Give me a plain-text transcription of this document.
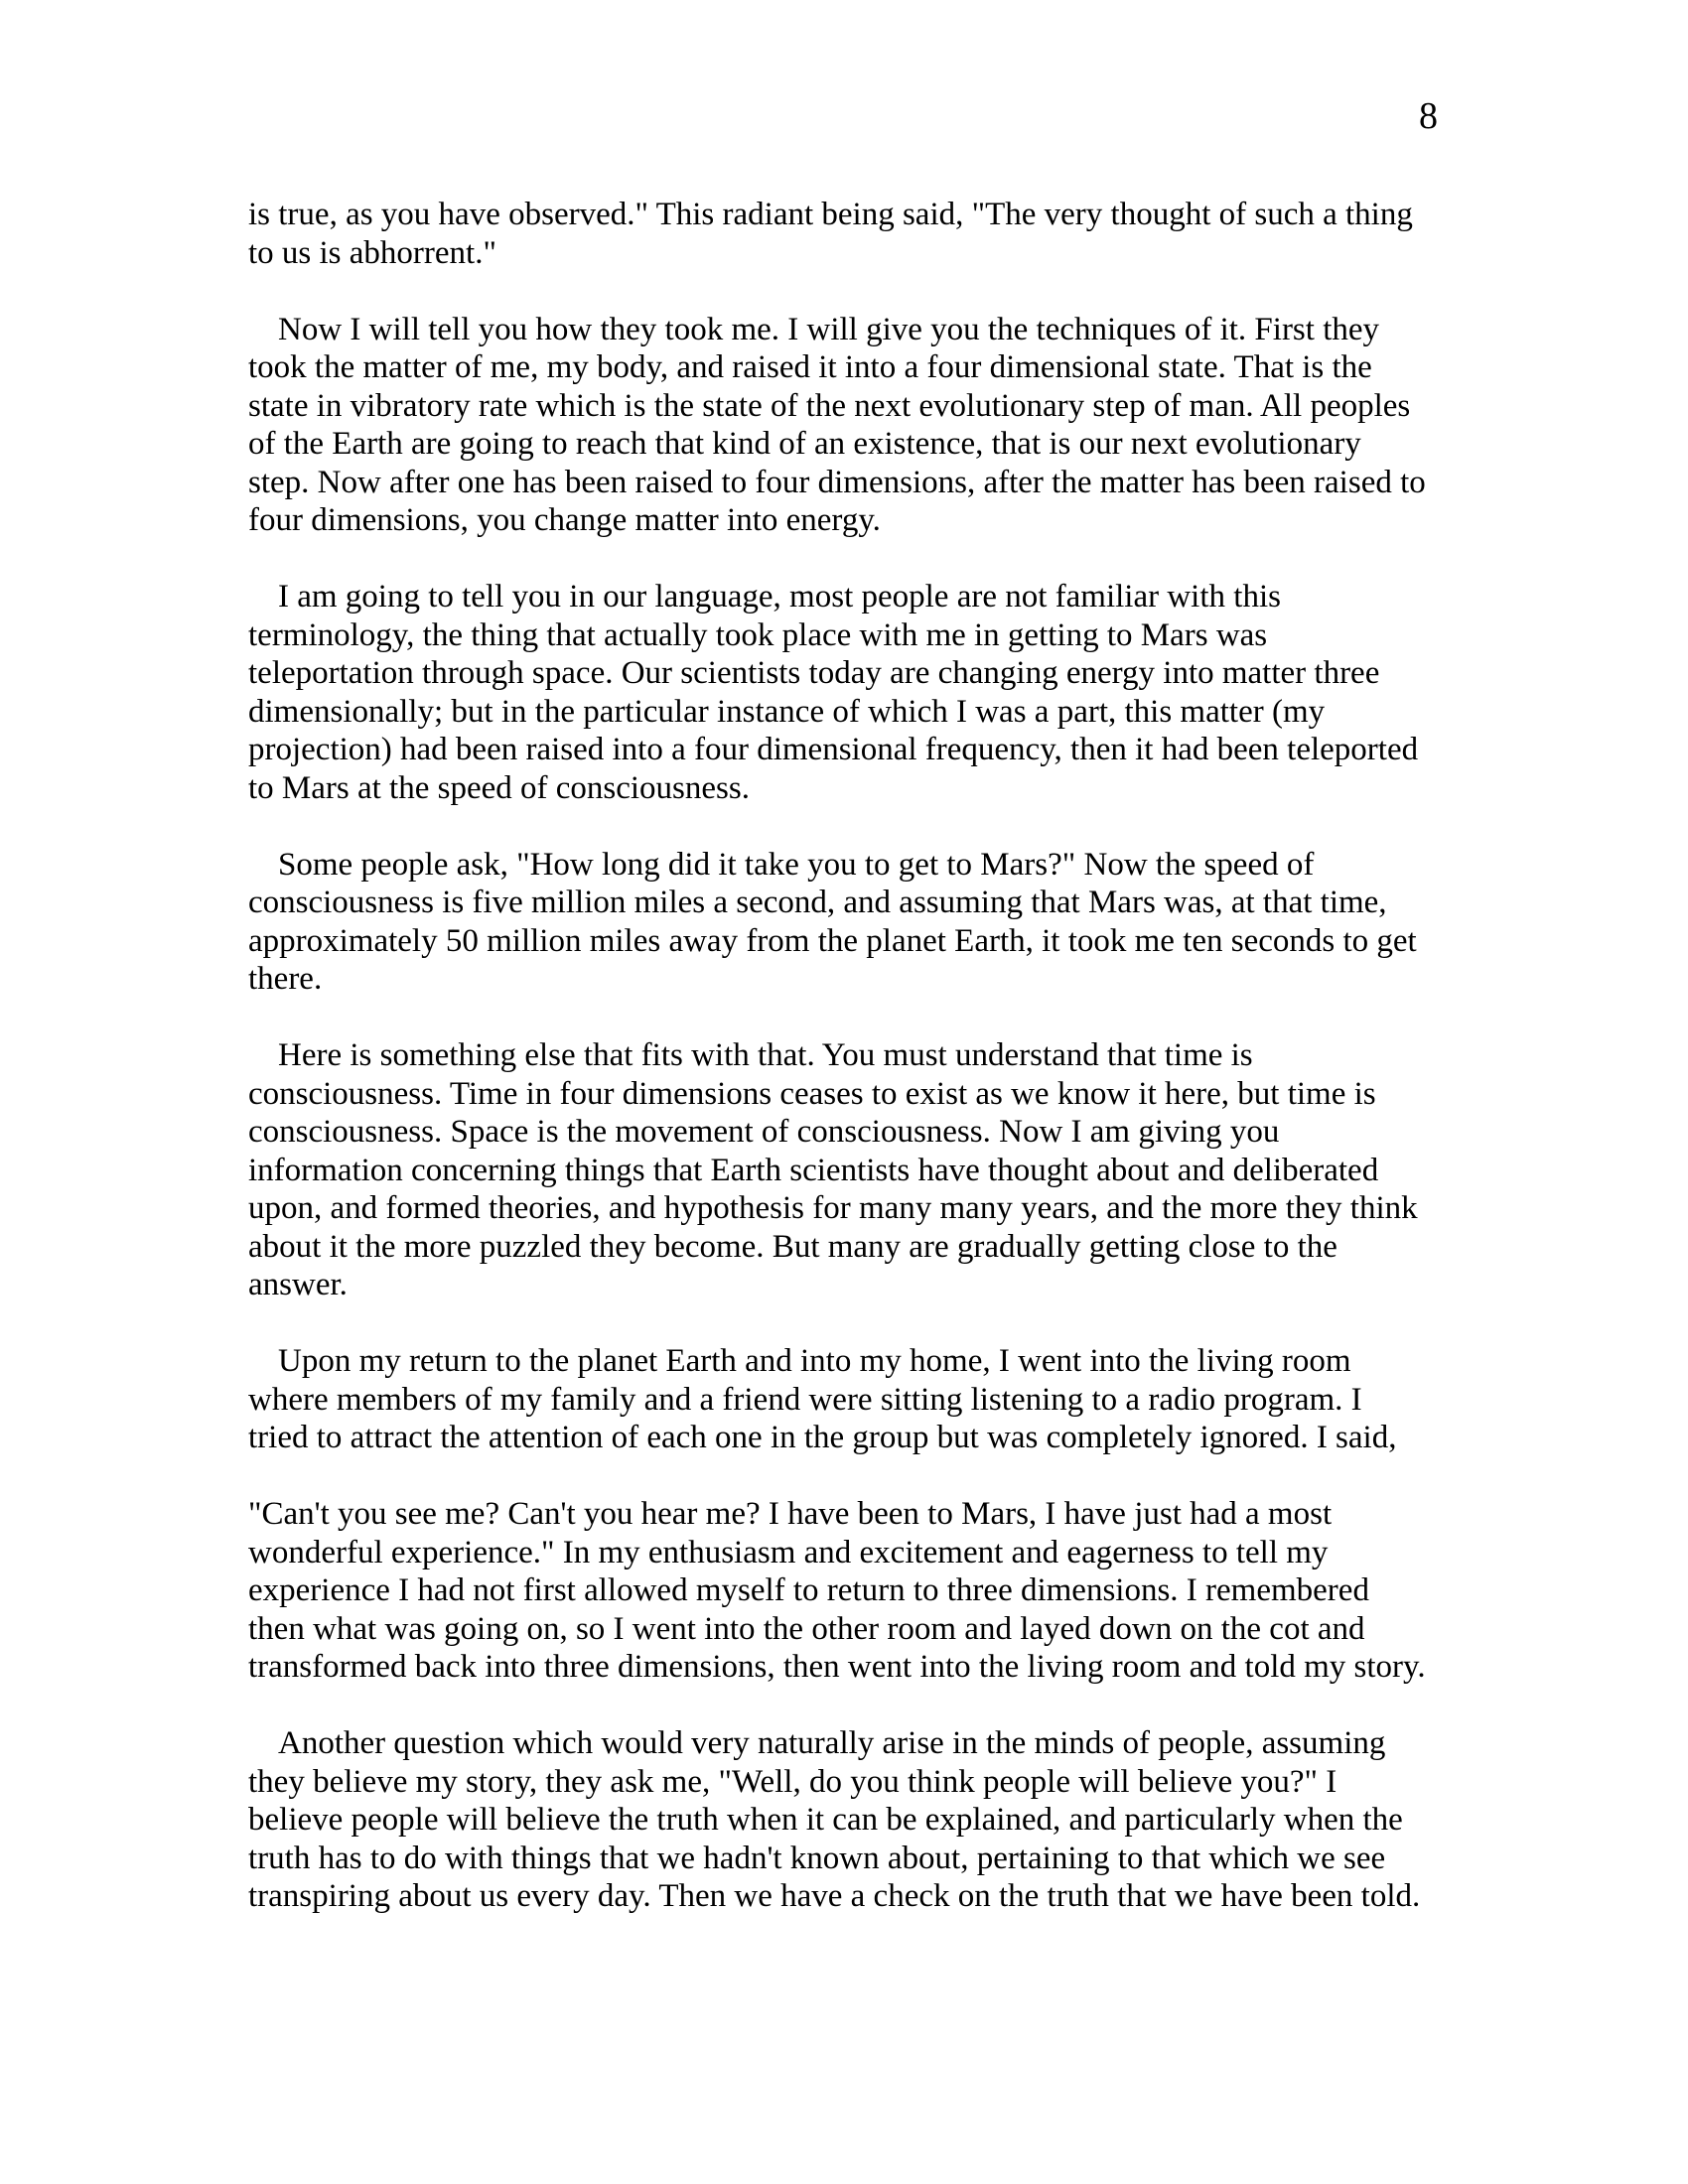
8
is true, as you have observed." This radiant being said, "The very thought of such a thing
to us is abhorrent."
Now I will tell you how they took me. I will give you the techniques of it. First they
took the matter of me, my body, and raised it into a four dimensional state. That is the
state in vibratory rate which is the state of the next evolutionary step of man. All peoples
of the Earth are going to reach that kind of an existence, that is our next evolutionary
step. Now after one has been raised to four dimensions, after the matter has been raised to
four dimensions, you change matter into energy.
I am going to tell you in our language, most people are not familiar with this
terminology, the thing that actually took place with me in getting to Mars was
teleportation through space. Our scientists today are changing energy into matter three
dimensionally; but in the particular instance of which I was a part, this matter (my
projection) had been raised into a four dimensional frequency, then it had been teleported
to Mars at the speed of consciousness.
Some people ask, "How long did it take you to get to Mars?" Now the speed of
consciousness is five million miles a second, and assuming that Mars was, at that time,
approximately 50 million miles away from the planet Earth, it took me ten seconds to get
there.
Here is something else that fits with that. You must understand that time is
consciousness. Time in four dimensions ceases to exist as we know it here, but time is
consciousness. Space is the movement of consciousness. Now I am giving you
information concerning things that Earth scientists have thought about and deliberated
upon, and formed theories, and hypothesis for many many years, and the more they think
about it the more puzzled they become. But many are gradually getting close to the
answer.
Upon my return to the planet Earth and into my home, I went into the living room
where members of my family and a friend were sitting listening to a radio program. I
tried to attract the attention of each one in the group but was completely ignored. I said,
"Can't you see me? Can't you hear me? I have been to Mars, I have just had a most
wonderful experience." In my enthusiasm and excitement and eagerness to tell my
experience I had not first allowed myself to return to three dimensions. I remembered
then what was going on, so I went into the other room and layed down on the cot and
transformed back into three dimensions, then went into the living room and told my story.
Another question which would very naturally arise in the minds of people, assuming
they believe my story, they ask me, "Well, do you think people will believe you?" I
believe people will believe the truth when it can be explained, and particularly when the
truth has to do with things that we hadn't known about, pertaining to that which we see
transpiring about us every day. Then we have a check on the truth that we have been told.
